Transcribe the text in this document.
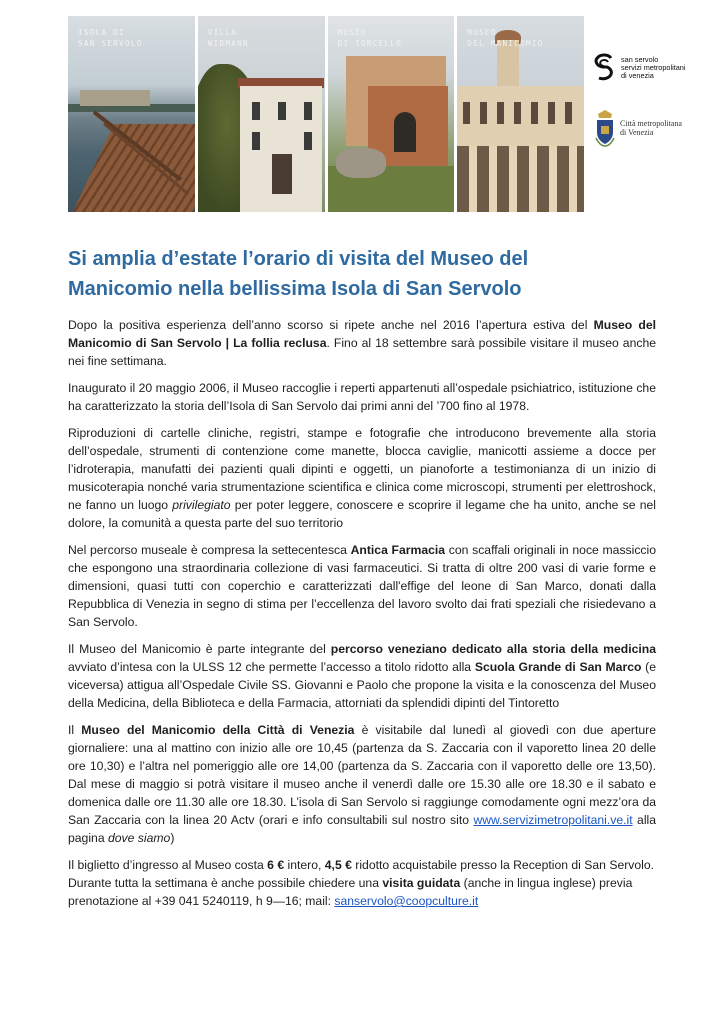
ISOLA DI
SAN SERVOLO
VILLA
WIDMANN
MUSEO
DI TORCELLO
MUSEO
DEL MANICOMIO
san servolo
servizi metropolitani
di venezia
Città metropolitana
di Venezia
Si amplia d’estate l’orario di visita del Museo del Manicomio nella bellissima Isola di San Servolo

Dopo la positiva esperienza dell’anno scorso si ripete anche nel 2016 l’apertura estiva del Museo del Manicomio di San Servolo | La follia reclusa. Fino al 18 settembre sarà possibile visitare il museo anche nei fine settimana.

Inaugurato il 20 maggio 2006, il Museo raccoglie i reperti appartenuti all’ospedale psichiatrico, istituzione che ha caratterizzato la storia dell’Isola di San Servolo dai primi anni del ’700 fino al 1978.

Riproduzioni di cartelle cliniche, registri, stampe e fotografie che introducono brevemente alla storia dell’ospedale, strumenti di contenzione come manette, blocca caviglie, manicotti assieme a docce per l’idroterapia, manufatti dei pazienti quali dipinti e oggetti, un pianoforte a testimonianza di un inizio di musicoterapia nonché varia strumentazione scientifica e clinica come microscopi, strumenti per elettroshock, ne fanno un luogo privilegiato per poter leggere, conoscere e scoprire il legame che ha unito, anche se nel dolore, la comunità a questa parte del suo territorio

Nel percorso museale è compresa la settecentesca Antica Farmacia con scaffali originali in noce massiccio che espongono una straordinaria collezione di vasi farmaceutici. Si tratta di oltre 200 vasi di varie forme e dimensioni, quasi tutti con coperchio e caratterizzati dall'effige del leone di San Marco, donati dalla Repubblica di Venezia in segno di stima per l’eccellenza del lavoro svolto dai frati speziali che risiedevano a San Servolo.

Il Museo del Manicomio è parte integrante del percorso veneziano dedicato alla storia della medicina avviato d’intesa con la ULSS 12 che permette l’accesso a titolo ridotto alla Scuola Grande di San Marco (e viceversa) attigua all’Ospedale Civile SS. Giovanni e Paolo che propone la visita e la conoscenza del Museo della Medicina, della Biblioteca e della Farmacia, attorniati da splendidi dipinti del Tintoretto

Il Museo del Manicomio della Città di Venezia è visitabile dal lunedì al giovedì con due aperture giornaliere: una al mattino con inizio alle ore 10,45 (partenza da S. Zaccaria con il vaporetto linea 20 delle ore 10,30) e l’altra nel pomeriggio alle ore 14,00 (partenza da S. Zaccaria con il vaporetto delle ore 13,50). Dal mese di maggio si potrà visitare il museo anche il venerdì dalle ore 15.30 alle ore 18.30 e il sabato e domenica dalle ore 11.30 alle ore 18.30. L’isola di San Servolo si raggiunge comodamente ogni mezz’ora da San Zaccaria con la linea 20 Actv (orari e info consultabili sul nostro sito www.servizimetropolitani.ve.it alla pagina dove siamo)

Il biglietto d’ingresso al Museo costa 6 € intero, 4,5 € ridotto acquistabile presso la Reception di San Servolo. Durante tutta la settimana è anche possibile chiedere una visita guidata (anche in lingua inglese) previa prenotazione al +39 041 5240119, h 9—16; mail: sanservolo@coopculture.it
